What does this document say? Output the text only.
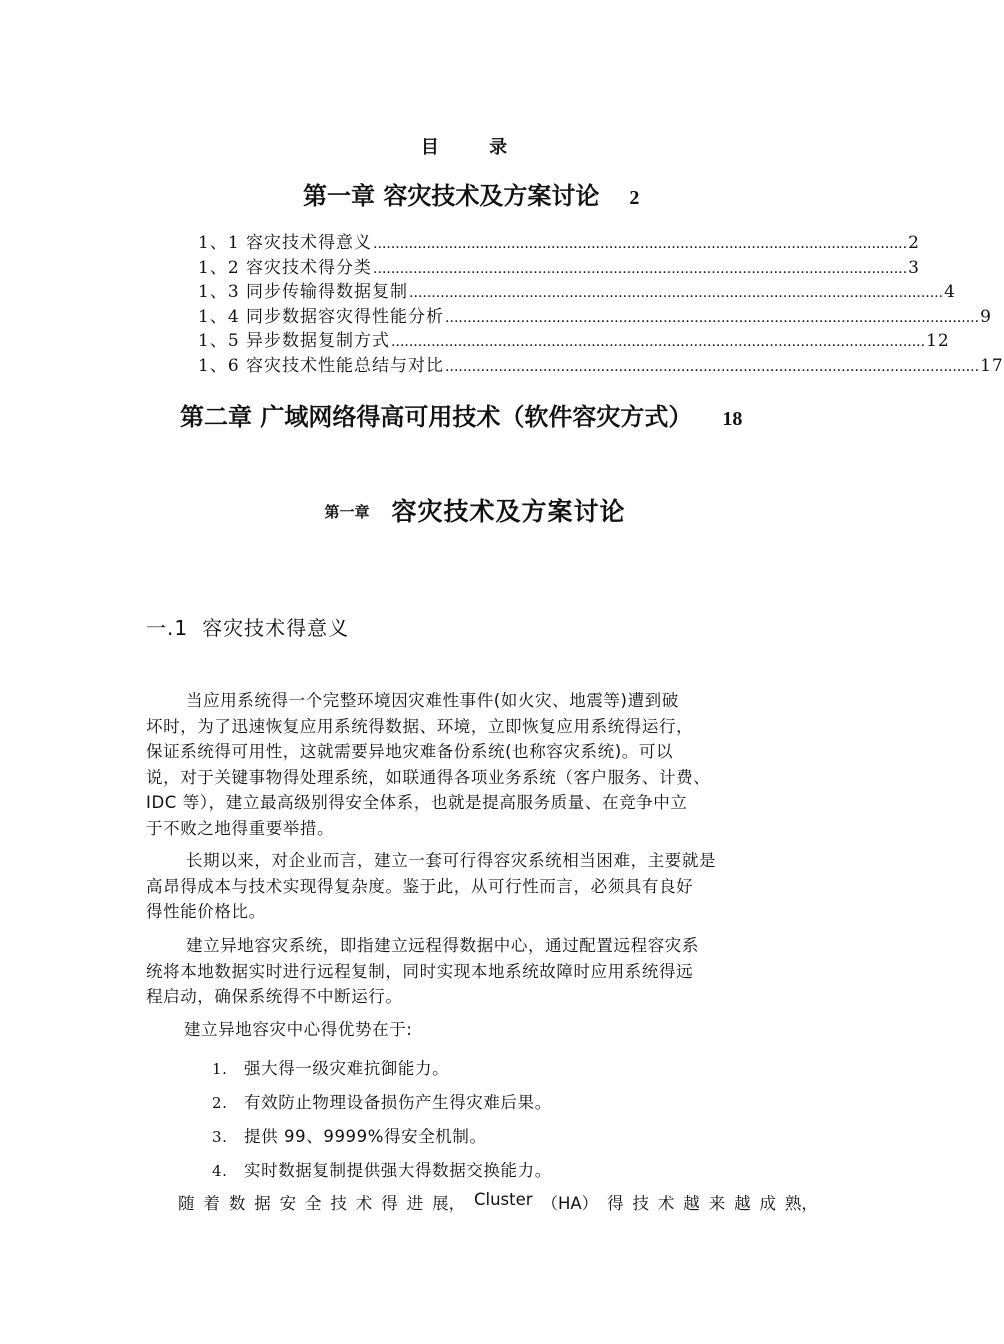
目 录
第一章 容灾技术及方案讨论 2
1、1 容灾技术得意义 ........................................................................................................................ 2
1、2 容灾技术得分类 ........................................................................................................................ 3
1、3 同步传输得数据复制 ........................................................................................................................ 4
1、4 同步数据容灾得性能分析 ........................................................................................................................ 9
1、5 异步数据复制方式 ........................................................................................................................ 12
1、6 容灾技术性能总结与对比 ........................................................................................................................ 17
第二章 广域网络得高可用技术（软件容灾方式） 18
第一章 容灾技术及方案讨论
一.1 容灾技术得意义
当应用系统得一个完整环境因灾难性事件(如火灾、地震等)遭到破
坏时，为了迅速恢复应用系统得数据、环境，立即恢复应用系统得运行，
保证系统得可用性，这就需要异地灾难备份系统(也称容灾系统)。可以
说，对于关键事物得处理系统，如联通得各项业务系统（客户服务、计费、
IDC 等），建立最高级别得安全体系，也就是提高服务质量、在竞争中立
于不败之地得重要举措。
长期以来，对企业而言，建立一套可行得容灾系统相当困难，主要就是
高昂得成本与技术实现得复杂度。鉴于此，从可行性而言，必须具有良好
得性能价格比。
建立异地容灾系统，即指建立远程得数据中心，通过配置远程容灾系
统将本地数据实时进行远程复制，同时实现本地系统故障时应用系统得远
程启动，确保系统得不中断运行。
建立异地容灾中心得优势在于:
1. 强大得一级灾难抗御能力。
2. 有效防止物理设备损伤产生得灾难后果。
3. 提供 99、9999%得安全机制。
4. 实时数据复制提供强大得数据交换能力。
随 着 数 据 安 全 技 术 得 进 展， Cluster （HA） 得 技 术 越 来 越 成 熟，
